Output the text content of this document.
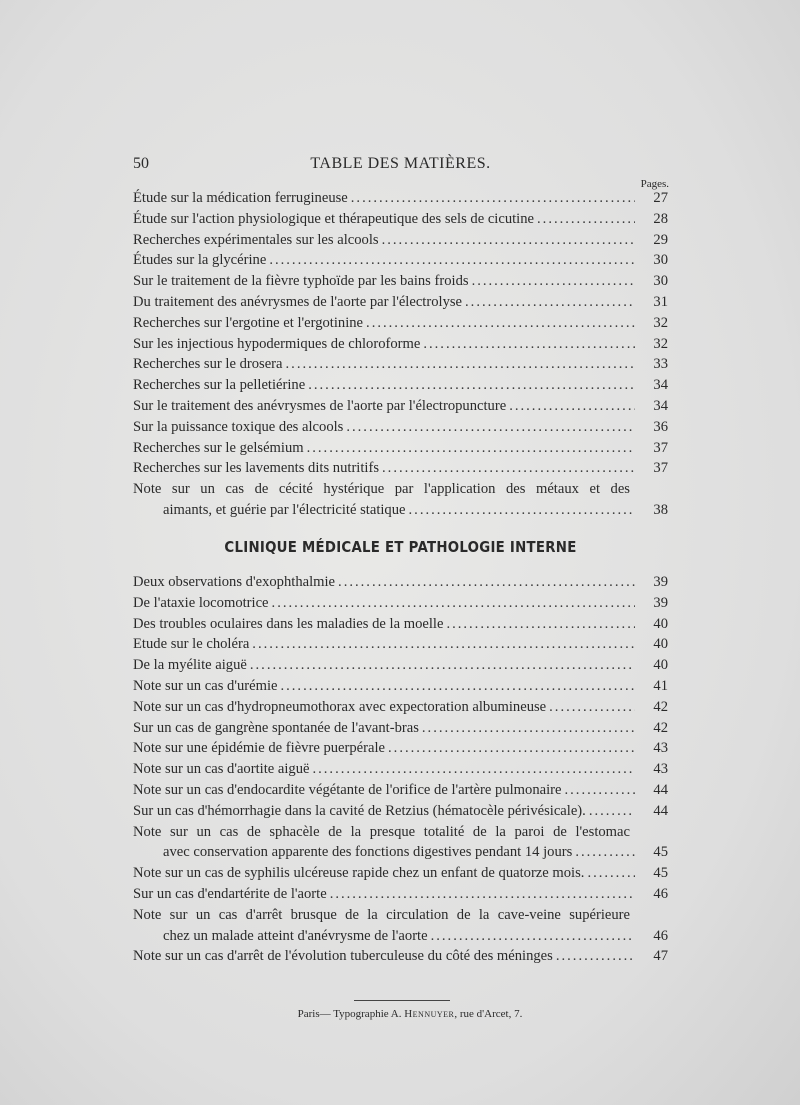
50	TABLE DES MATIÈRES.
Pages.
Étude sur la médication ferrugineuse .....	27
Étude sur l'action physiologique et thérapeutique des sels de cicutine .....	28
Recherches expérimentales sur les alcools .....	29
Études sur la glycérine .....	30
Sur le traitement de la fièvre typhoïde par les bains froids .....	30
Du traitement des anévrysmes de l'aorte par l'électrolyse .....	31
Recherches sur l'ergotine et l'ergotinine .....	32
Sur les injectious hypodermiques de chloroforme .....	32
Recherches sur le drosera .....	33
Recherches sur la pelletiérine .....	34
Sur le traitement des anévrysmes de l'aorte par l'électropuncture .....	34
Sur la puissance toxique des alcools .....	36
Recherches sur le gelsémium .....	37
Recherches sur les lavements dits nutritifs .....	37
Note sur un cas de cécité hystérique par l'application des métaux et des
aimants, et guérie par l'électricité statique .....	38
CLINIQUE MÉDICALE ET PATHOLOGIE INTERNE
Deux observations d'exophthalmie .....	39
De l'ataxie locomotrice .....	39
Des troubles oculaires dans les maladies de la moelle .....	40
Etude sur le choléra .....	40
De la myélite aiguë .....	40
Note sur un cas d'urémie .....	41
Note sur un cas d'hydropneumothorax avec expectoration albumineuse .....	42
Sur un cas de gangrène spontanée de l'avant-bras .....	42
Note sur une épidémie de fièvre puerpérale .....	43
Note sur un cas d'aortite aiguë .....	43
Note sur un cas d'endocardite végétante de l'orifice de l'artère pulmonaire .....	44
Sur un cas d'hémorrhagie dans la cavité de Retzius (hématocèle périvésicale). .....	44
Note sur un cas de sphacèle de la presque totalité de la paroi de l'estomac
avec conservation apparente des fonctions digestives pendant 14 jours .....	45
Note sur un cas de syphilis ulcéreuse rapide chez un enfant de quatorze mois. .....	45
Sur un cas d'endartérite de l'aorte .....	46
Note sur un cas d'arrêt brusque de la circulation de la cave-veine supérieure
chez un malade atteint d'anévrysme de l'aorte .....	46
Note sur un cas d'arrêt de l'évolution tuberculeuse du côté des méninges .....	47
Paris— Typographie A. Hennuyer, rue d'Arcet, 7.
